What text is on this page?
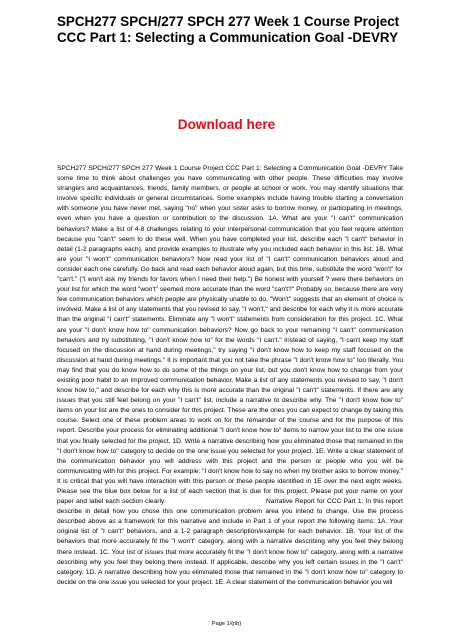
SPCH277 SPCH/277 SPCH 277 Week 1 Course Project CCC Part 1: Selecting a Communication Goal -DEVRY
Download here

SPCH277 SPCH/277 SPCH 277 Week 1 Course Project CCC Part 1: Selecting a Communication Goal -DEVRY Take some time to think about challenges you have communicating with other people. These difficulties may involve strangers and acquaintances, friends, family members, or people at school or work. You may identify situations that involve specific individuals or general circumstances. Some examples include having trouble starting a conversation with someone you have never met, saying "no" when your sister asks to borrow money, or participating in meetings, even when you have a question or contribution to the discussion. 1A. What are your "I can't" communication behaviors? Make a list of 4-8 challenges relating to your interpersonal communication that you feel require attention because you "can't" seem to do these well. When you have completed your list, describe each "I can't" behavior in detail (1-2 paragraphs each), and provide examples to illustrate why you included each behavior in this list. 1B. What are your "I won't" communication behaviors? Now read your list of "I can't" communication behaviors aloud and consider each one carefully. Go back and read each behavior aloud again, but this time, substitute the word "won't" for "can't." ("I won't ask my friends for favors when I need their help.") Be honest with yourself ? were there behaviors on your list for which the word "won't" seemed more accurate than the word "can't?" Probably so, because there are very few communication behaviors which people are physically unable to do. "Won't" suggests that an element of choice is involved. Make a list of any statements that you revised to say, "I won't," and describe for each why it is more accurate than the original "I can't" statements. Eliminate any "I won't" statements from consideration for this project. 1C. What are your "I don't know how to" communication behaviors? Now go back to your remaining "I can't" communication behaviors and try substituting, "I don't know how to" for the words "I can't." Instead of saying, "I can't keep my staff focused on the discussion at hand during meetings," try saying "I don't know how to keep my staff focused on the discussion at hand during meetings." It is important that you not take the phrase "I don't know how to" too literally. You may find that you do know how to do some of the things on your list, but you don't know how to change from your existing poor habit to an improved communication behavior. Make a list of any statements you revised to say, "I don't know how to," and describe for each why this is more accurate than the original "I can't" statements. If there are any issues that you still feel belong on your "I can't" list, include a narrative to describe why. The "I don't know how to" items on your list are the ones to consider for this project. These are the ones you can expect to change by taking this course. Select one of these problem areas to work on for the remainder of the course and for the purpose of this report. Describe your process for eliminating additional "I don't know how to" items to narrow your list to the one issue that you finally selected for the project. 1D. Write a narrative describing how you eliminated those that remained in the "I don't know how to" category to decide on the one issue you selected for your project. 1E. Write a clear statement of the communication behavior you will address with this project and the person or people who you will be communicating with for this project. For example: "I don't know how to say no when my brother asks to borrow money." It is critical that you will have interaction with this person or these people identified in 1E over the next eight weeks. Please see the blue box below for a list of each section that is due for this project. Please put your name on your paper and label each section clearly.                                             Narrative Report for CCC Part 1: In this report describe in detail how you chose this one communication problem area you intend to change. Use the process described above as a framework for this narrative and include in Part 1 of your report the following items: 1A. Your original list of "I can't" behaviors, and a 1-2 paragraph description/example for each behavior. 1B. Your list of the behaviors that more accurately fit the "I won't" category, along with a narrative describing why you feel they belong there instead. 1C. Your list of issues that more accurately fit the "I don't know how to" category, along with a narrative describing why you feel they belong there instead. If applicable, describe why you left certain issues in the "I can't" category. 1D. A narrative describing how you eliminated those that remained in the "I don't know how to" category to decide on the one issue you selected for your project. 1E. A clear statement of the communication behavior you will

Page 1/{nb}
